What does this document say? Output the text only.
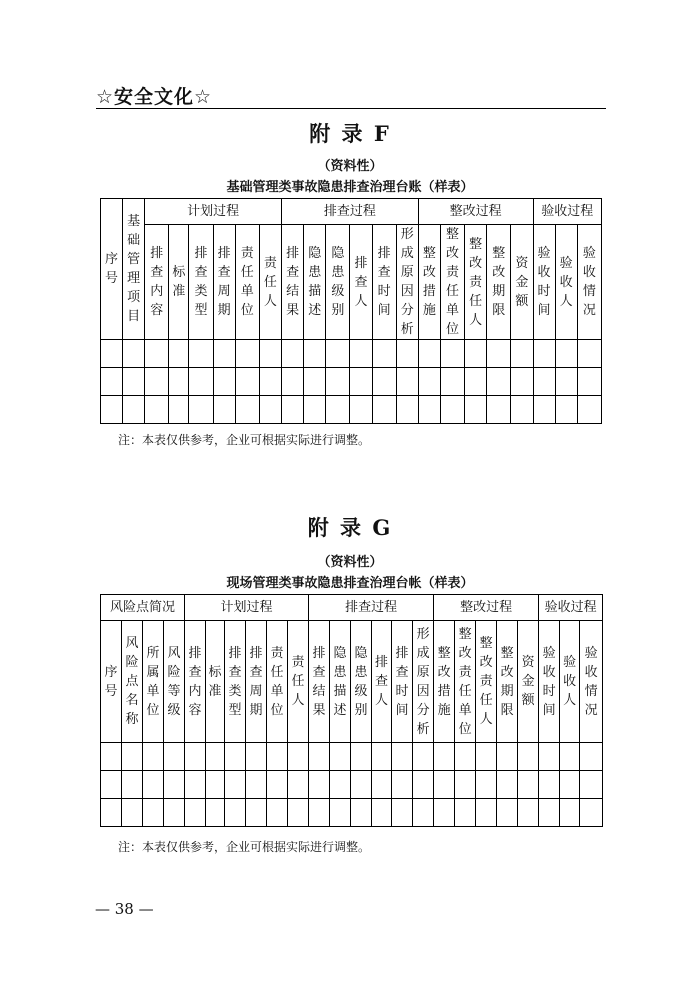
☆安全文化☆
附 录 F
（资料性）
基础管理类事故隐患排查治理台账（样表）
序号	基础管理项目	计划过程						排查过程						整改过程					验收过程		
		排查内容	标准	排查类型	排查周期	责任单位	责任人	排查结果	隐患描述	隐患级别	排查人	排查时间	形成原因分析	整改措施	整改责任单位	整改责任人	整改期限	资金额	验收时间	验收人	验收情况

注：本表仅供参考，企业可根据实际进行调整。
附 录 G
（资料性）
现场管理类事故隐患排查治理台帐（样表）
风险点简况				计划过程						排查过程						整改过程					验收过程		
序号	风险点名称	所属单位	风险等级	排查内容	标准	排查类型	排查周期	责任单位	责任人	排查结果	隐患描述	隐患级别	排查人	排查时间	形成原因分析	整改措施	整改责任单位	整改责任人	整改期限	资金额	验收时间	验收人	验收情况

注：本表仅供参考，企业可根据实际进行调整。
— 38 —
